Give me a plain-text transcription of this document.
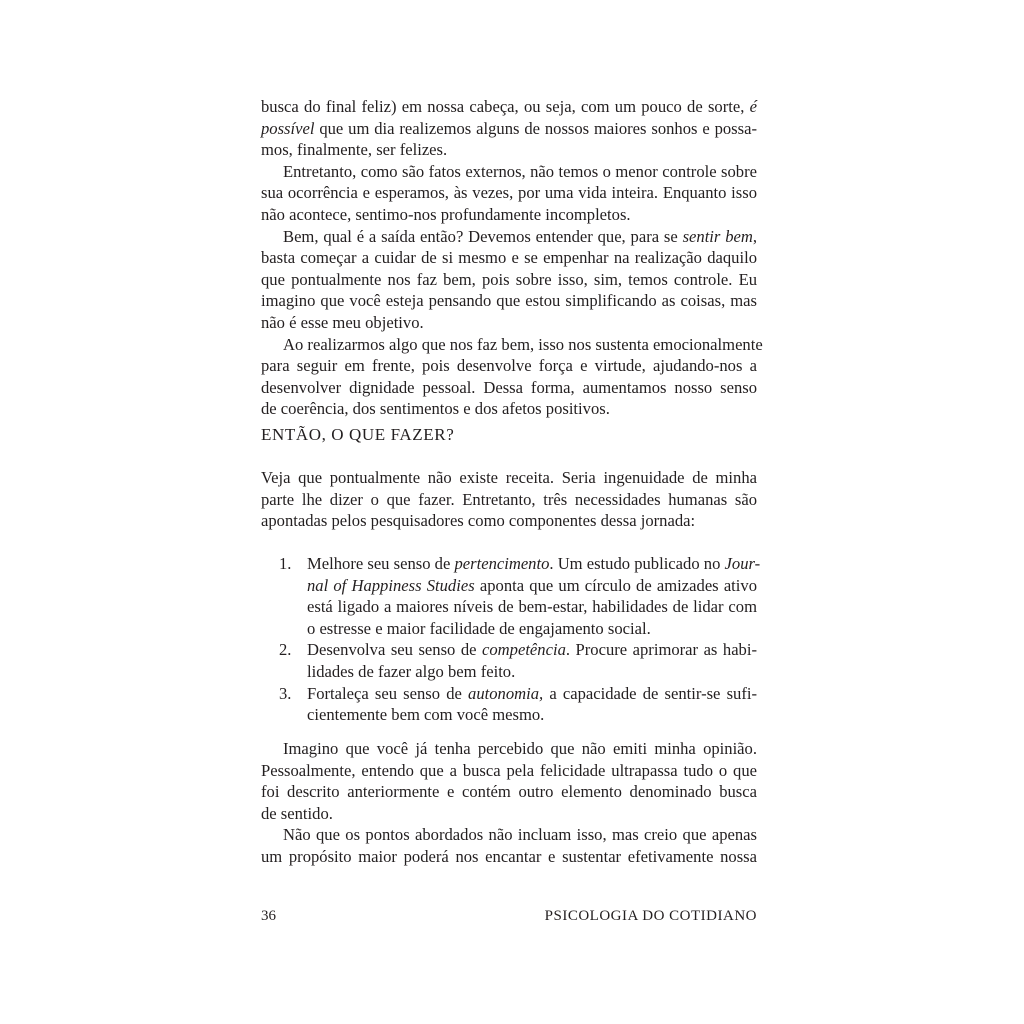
busca do final feliz) em nossa cabeça, ou seja, com um pouco de sorte, é
possível que um dia realizemos alguns de nossos maiores sonhos e possa-
mos, finalmente, ser felizes.
Entretanto, como são fatos externos, não temos o menor controle sobre
sua ocorrência e esperamos, às vezes, por uma vida inteira. Enquanto isso
não acontece, sentimo-nos profundamente incompletos.
Bem, qual é a saída então? Devemos entender que, para se sentir bem,
basta começar a cuidar de si mesmo e se empenhar na realização daquilo
que pontualmente nos faz bem, pois sobre isso, sim, temos controle. Eu
imagino que você esteja pensando que estou simplificando as coisas, mas
não é esse meu objetivo.
Ao realizarmos algo que nos faz bem, isso nos sustenta emocionalmente
para seguir em frente, pois desenvolve força e virtude, ajudando-nos a
desenvolver dignidade pessoal. Dessa forma, aumentamos nosso senso
de coerência, dos sentimentos e dos afetos positivos.
ENTÃO, O QUE FAZER?
Veja que pontualmente não existe receita. Seria ingenuidade de minha
parte lhe dizer o que fazer. Entretanto, três necessidades humanas são
apontadas pelos pesquisadores como componentes dessa jornada:
1. Melhore seu senso de pertencimento. Um estudo publicado no Jour-
nal of Happiness Studies aponta que um círculo de amizades ativo
está ligado a maiores níveis de bem-estar, habilidades de lidar com
o estresse e maior facilidade de engajamento social.
2. Desenvolva seu senso de competência. Procure aprimorar as habi-
lidades de fazer algo bem feito.
3. Fortaleça seu senso de autonomia, a capacidade de sentir-se sufi-
cientemente bem com você mesmo.
Imagino que você já tenha percebido que não emiti minha opinião.
Pessoalmente, entendo que a busca pela felicidade ultrapassa tudo o que
foi descrito anteriormente e contém outro elemento denominado busca
de sentido.
Não que os pontos abordados não incluam isso, mas creio que apenas
um propósito maior poderá nos encantar e sustentar efetivamente nossa
36	PSICOLOGIA DO COTIDIANO
